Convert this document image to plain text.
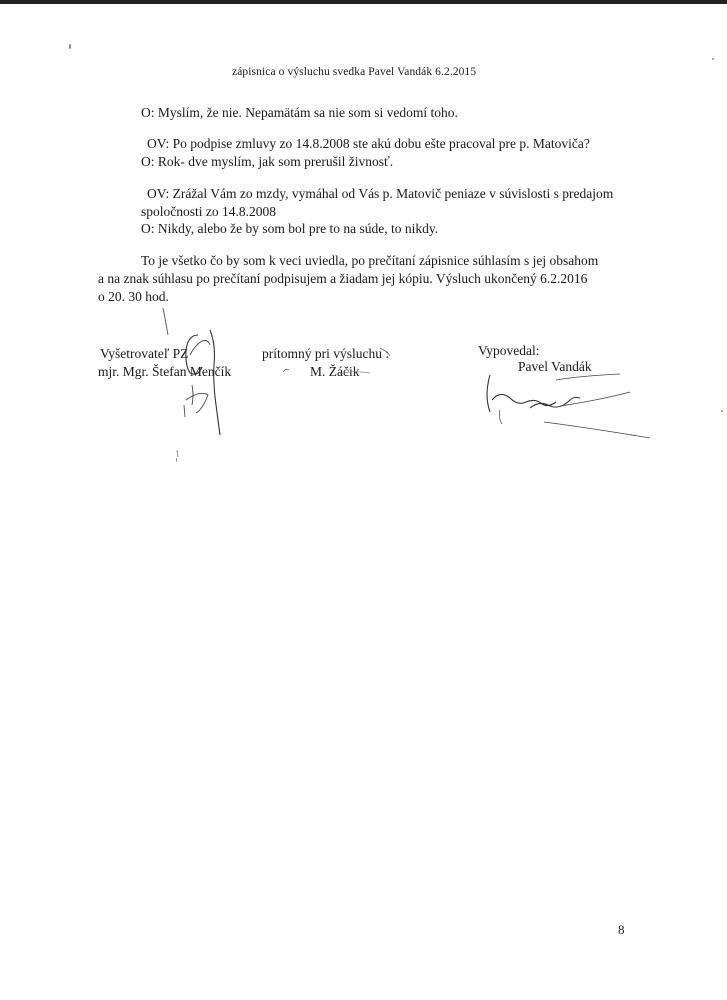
zápisnica o výsluchu svedka Pavel Vandák 6.2.2015
O: Myslím, že nie. Nepamätám sa nie som si vedomí toho.
OV: Po podpise zmluvy zo 14.8.2008 ste akú dobu ešte pracoval pre p. Matoviča?
O: Rok- dve myslím, jak som prerušil živnosť.
OV: Zrážal Vám zo mzdy, vymáhal od Vás p. Matovič peniaze v súvislosti s predajom
spoločnosti zo 14.8.2008
O: Nikdy, alebo že by som bol pre to na súde, to nikdy.
To je všetko čo by som k veci uviedla, po prečítaní zápisnice súhlasím s jej obsahom
a na znak súhlasu po prečítaní podpisujem a žiadam jej kópiu. Výsluch ukončený 6.2.2016
o 20. 30 hod.
Vyšetrovateľ PZ
mjr. Mgr. Štefan Menčík
prítomný pri výsluchu :
M. Žáčik
Vypovedal:
Pavel Vandák
8
